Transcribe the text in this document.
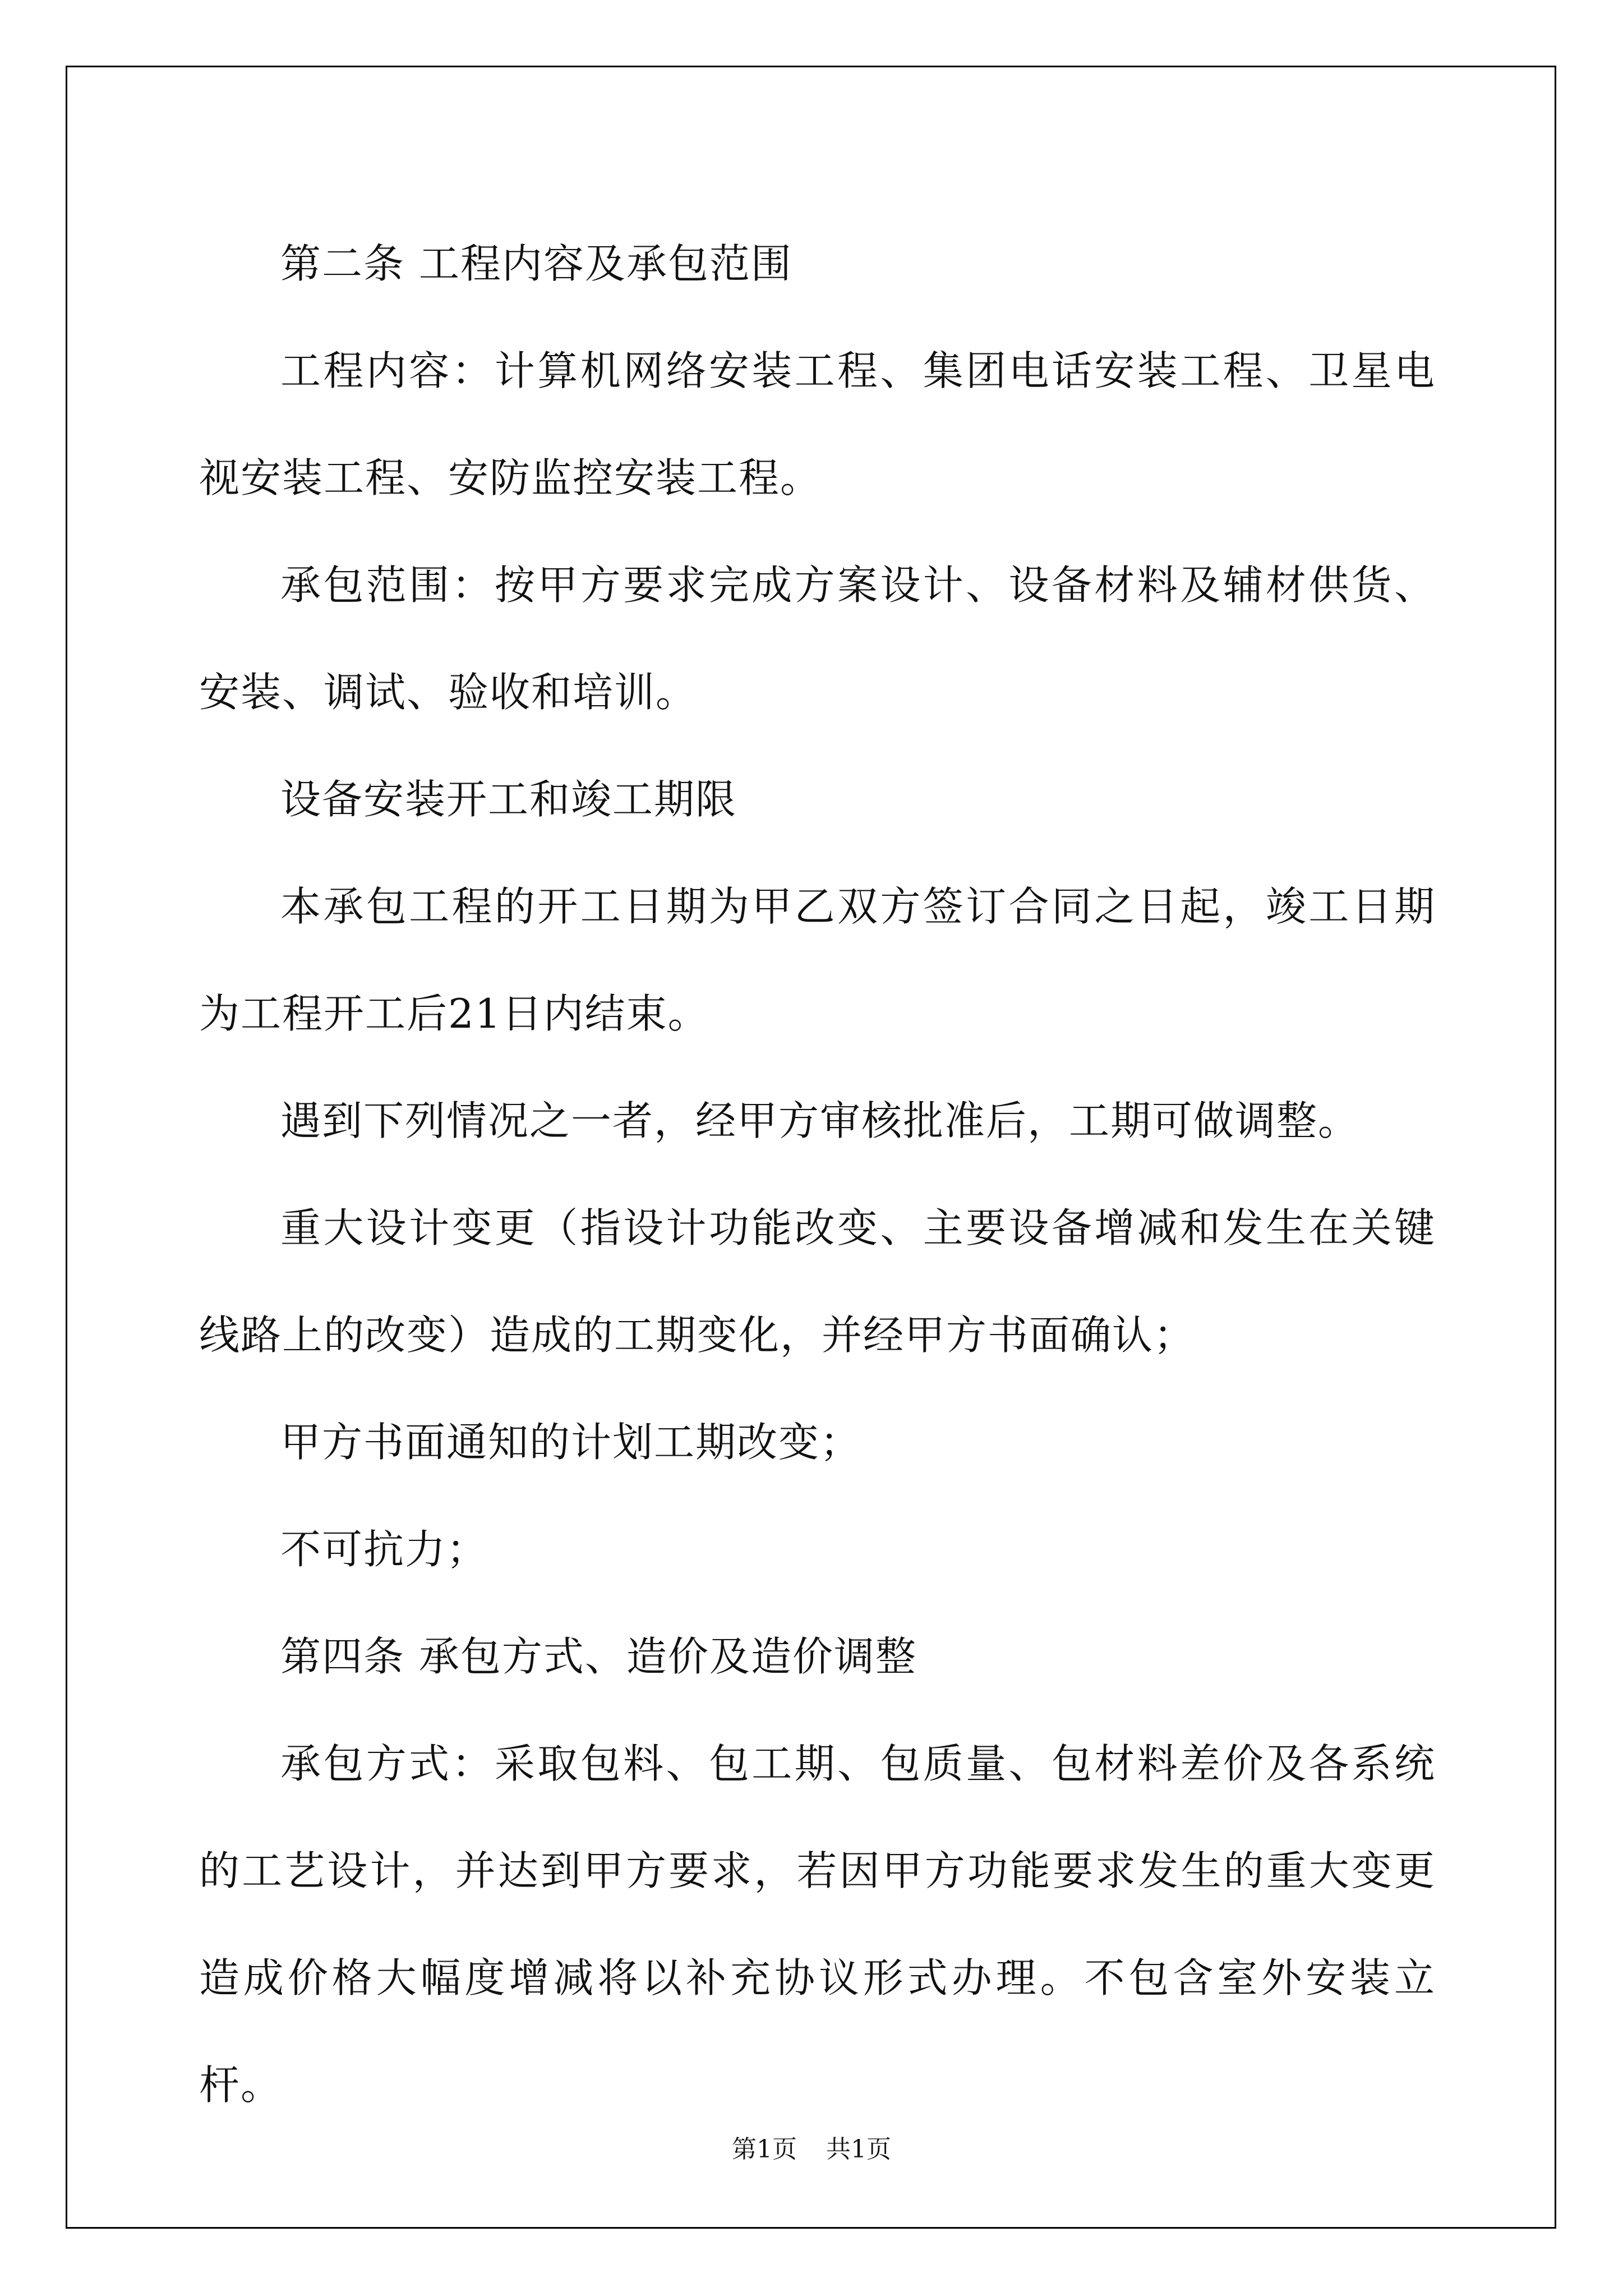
第二条 工程内容及承包范围

工程内容：计算机网络安装工程、集团电话安装工程、卫星电视安装工程、安防监控安装工程。

承包范围：按甲方要求完成方案设计、设备材料及辅材供货、安装、调试、验收和培训。

设备安装开工和竣工期限

本承包工程的开工日期为甲乙双方签订合同之日起，竣工日期为工程开工后21日内结束。

遇到下列情况之一者，经甲方审核批准后，工期可做调整。

重大设计变更（指设计功能改变、主要设备增减和发生在关键线路上的改变）造成的工期变化，并经甲方书面确认；

甲方书面通知的计划工期改变；

不可抗力；

第四条 承包方式、造价及造价调整

承包方式：采取包料、包工期、包质量、包材料差价及各系统的工艺设计，并达到甲方要求，若因甲方功能要求发生的重大变更造成价格大幅度增减将以补充协议形式办理。不包含室外安装立杆。

第1页 共1页
